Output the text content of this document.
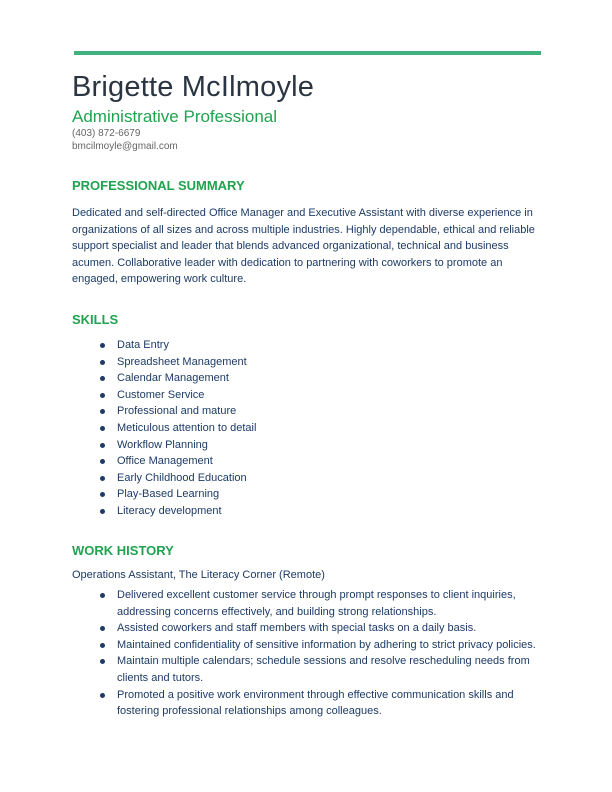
Brigette McIlmoyle
Administrative Professional
(403) 872-6679
bmcilmoyle@gmail.com
PROFESSIONAL SUMMARY
Dedicated and self-directed Office Manager and Executive Assistant with diverse experience in organizations of all sizes and across multiple industries. Highly dependable, ethical and reliable support specialist and leader that blends advanced organizational, technical and business acumen. Collaborative leader with dedication to partnering with coworkers to promote an engaged, empowering work culture.
SKILLS
Data Entry
Spreadsheet Management
Calendar Management
Customer Service
Professional and mature
Meticulous attention to detail
Workflow Planning
Office Management
Early Childhood Education
Play-Based Learning
Literacy development
WORK HISTORY
Operations Assistant, The Literacy Corner (Remote)
Delivered excellent customer service through prompt responses to client inquiries, addressing concerns effectively, and building strong relationships.
Assisted coworkers and staff members with special tasks on a daily basis.
Maintained confidentiality of sensitive information by adhering to strict privacy policies.
Maintain multiple calendars; schedule sessions and resolve rescheduling needs from clients and tutors.
Promoted a positive work environment through effective communication skills and fostering professional relationships among colleagues.
